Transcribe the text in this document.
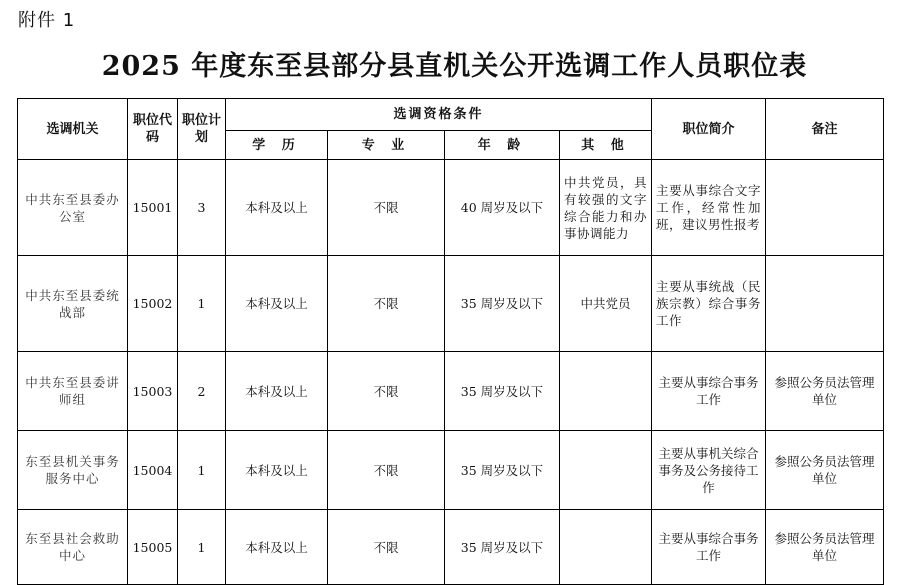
附件 1
2025 年度东至县部分县直机关公开选调工作人员职位表
选调机关	职位代码	职位计划	选调资格条件				职位简介	备注
			学 历	专 业	年 龄	其 他		
中共东至县委办公室	15001	3	本科及以上	不限	40 周岁及以下	中共党员，具有较强的文字综合能力和办事协调能力	主要从事综合文字工作，经常性加班，建议男性报考	
中共东至县委统战部	15002	1	本科及以上	不限	35 周岁及以下	中共党员	主要从事统战（民族宗教）综合事务工作	
中共东至县委讲师组	15003	2	本科及以上	不限	35 周岁及以下		主要从事综合事务工作	参照公务员法管理单位
东至县机关事务服务中心	15004	1	本科及以上	不限	35 周岁及以下		主要从事机关综合事务及公务接待工作	参照公务员法管理单位
东至县社会救助中心	15005	1	本科及以上	不限	35 周岁及以下		主要从事综合事务工作	参照公务员法管理单位
